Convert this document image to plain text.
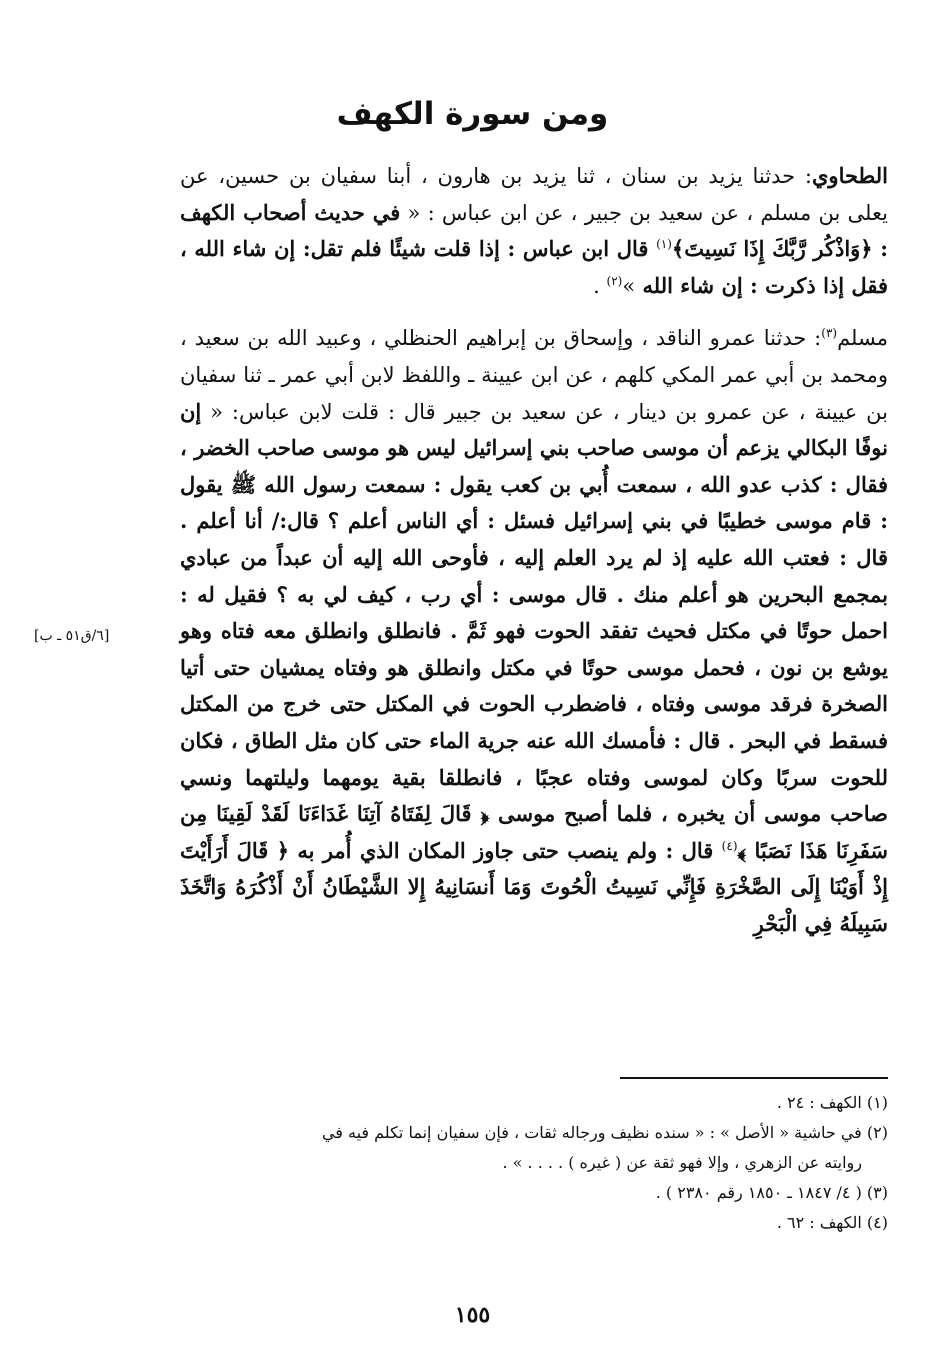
ومن سورة الكهف

الطحاوي: حدثنا يزيد بن سنان ، ثنا يزيد بن هارون ، أبنا سفيان بن حسين، عن يعلى بن مسلم ، عن سعيد بن جبير ، عن ابن عباس : « في حديث أصحاب الكهف : ﴿وَاذْكُر رَّبَّكَ إِذَا نَسِيتَ﴾$^{(١)}$ قال ابن عباس : إذا قلت شيئًا فلم تقل: إن شاء الله ، فقل إذا ذكرت : إن شاء الله »$^{(٢)}$ .

مسلم$^{(٣)}$: حدثنا عمرو الناقد ، وإسحاق بن إبراهيم الحنظلي ، وعبيد الله بن سعيد ، ومحمد بن أبي عمر المكي كلهم ، عن ابن عيينة ـ واللفظ لابن أبي عمر ـ ثنا سفيان بن عيينة ، عن عمرو بن دينار ، عن سعيد بن جبير قال : قلت لابن عباس: « إن نوفًا البكالي يزعم أن موسى صاحب بني إسرائيل ليس هو موسى صاحب الخضر ، فقال : كذب عدو الله ، سمعت أُبي بن كعب يقول : سمعت رسول الله ﷺ يقول : قام موسى خطيبًا في بني إسرائيل فسئل : أي الناس أعلم ؟ قال:/ أنا أعلم . قال : فعتب الله عليه إذ لم يرد العلم إليه ، فأوحى الله إليه أن عبداً من عبادي بمجمع البحرين هو أعلم منك . قال موسى : أي رب ، كيف لي به ؟ فقيل له : احمل حوتًا في مكتل فحيث تفقد الحوت فهو ثَمَّ . فانطلق وانطلق معه فتاه وهو يوشع بن نون ، فحمل موسى حوتًا في مكتل وانطلق هو وفتاه يمشيان حتى أتيا الصخرة فرقد موسى وفتاه ، فاضطرب الحوت في المكتل حتى خرج من المكتل فسقط في البحر . قال : فأمسك الله عنه جرية الماء حتى كان مثل الطاق ، فكان للحوت سربًا وكان لموسى وفتاه عجبًا ، فانطلقا بقية يومهما وليلتهما ونسي صاحب موسى أن يخبره ، فلما أصبح موسى ﴿ قَالَ لِفَتَاهُ آتِنَا غَدَاءَنَا لَقَدْ لَقِينَا مِن سَفَرِنَا هَذَا نَصَبًا ﴾$^{(٤)}$ قال : ولم ينصب حتى جاوز المكان الذي أُمر به ﴿ قَالَ أَرَأَيْتَ إِذْ أَوَيْنَا إِلَى الصَّخْرَةِ فَإِنِّي نَسِيتُ الْحُوتَ وَمَا أَنسَانِيهُ إِلا الشَّيْطَانُ أَنْ أَذْكُرَهُ وَاتَّخَذَ سَبِيلَهُ فِي الْبَحْرِ

[٦/ق٥١ ـ ب]

(١) الكهف : ٢٤ .

(٢) في حاشية « الأصل » : « سنده نظيف ورجاله ثقات ، فإن سفيان إنما تكلم فيه في

روايته عن الزهري ، وإلا فهو ثقة عن ( غيره ) . . . . » .

(٣) ( ٤/ ١٨٤٧ ـ ١٨٥٠ رقم ٢٣٨٠ ) .

(٤) الكهف : ٦٢ .

١٥٥
